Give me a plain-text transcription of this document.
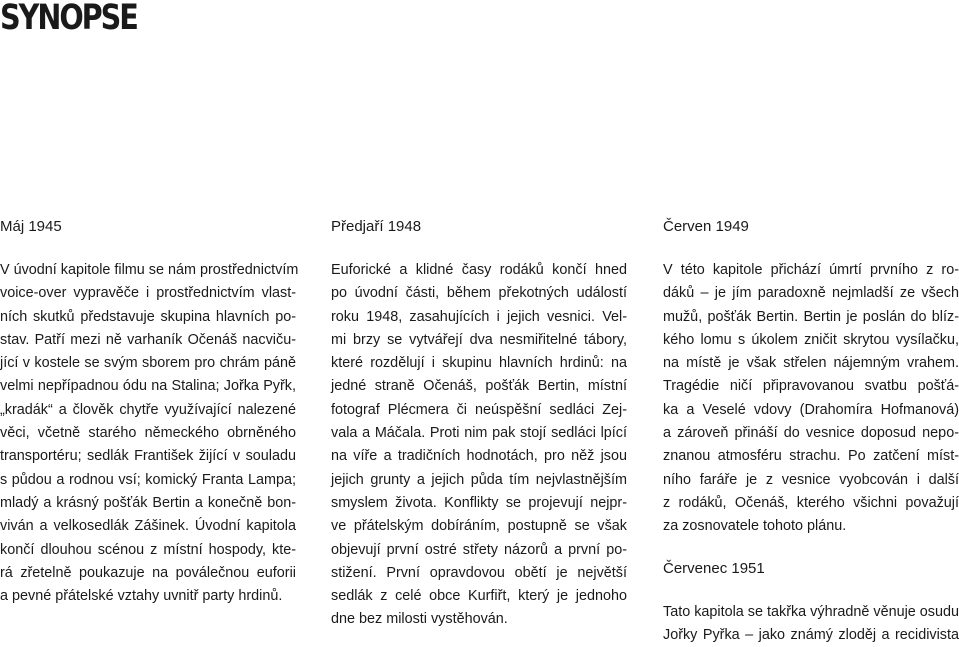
SYNOPSE
Máj 1945

V úvodní kapitole filmu se nám prostřednictvím
voice-over vypravěče i prostřednictvím vlast-
ních skutků představuje skupina hlavních po-
stav. Patří mezi ně varhaník Očenáš nacviču-
jící v kostele se svým sborem pro chrám páně
velmi nepřípadnou ódu na Stalina; Jořka Pyřk,
„kradák“ a člověk chytře využívající nalezené
věci, včetně starého německého obrněného
transportéru; sedlák František žijící v souladu
s půdou a rodnou vsí; komický Franta Lampa;
mladý a krásný pošťák Bertin a konečně bon-
viván a velkosedlák Zášinek. Úvodní kapitola
končí dlouhou scénou z místní hospody, kte-
rá zřetelně poukazuje na poválečnou euforii
a pevné přátelské vztahy uvnitř party hrdinů.

Předjaří 1948

Euforické a klidné časy rodáků končí hned
po úvodní části, během překotných událostí
roku 1948, zasahujících i jejich vesnici. Vel-
mi brzy se vytvářejí dva nesmiřitelné tábory,
které rozdělují i skupinu hlavních hrdinů: na
jedné straně Očenáš, pošťák Bertin, místní
fotograf Plécmera či neúspěšní sedláci Zej-
vala a Máčala. Proti nim pak stojí sedláci lpící
na víře a tradičních hodnotách, pro něž jsou
jejich grunty a jejich půda tím nejvlastnějším
smyslem života. Konflikty se projevují nejpr-
ve přátelským dobíráním, postupně se však
objevují první ostré střety názorů a první po-
stižení. První opravdovou obětí je největší
sedlák z celé obce Kurfiřt, který je jednoho
dne bez milosti vystěhován.

Červen 1949

V této kapitole přichází úmrtí prvního z ro-
dáků – je jím paradoxně nejmladší ze všech
mužů, pošťák Bertin. Bertin je poslán do blíz-
kého lomu s úkolem zničit skrytou vysílačku,
na místě je však střelen nájemným vrahem.
Tragédie ničí připravovanou svatbu pošťá-
ka a Veselé vdovy (Drahomíra Hofmanová)
a zároveň přináší do vesnice doposud nepo-
znanou atmosféru strachu. Po zatčení míst-
ního faráře je z vesnice vyobcován i další
z rodáků, Očenáš, kterého všichni považují
za zosnovatele tohoto plánu.

Červenec 1951

Tato kapitola se takřka výhradně věnuje osudu
Jořky Pyřka – jako známý zloděj a recidivista
